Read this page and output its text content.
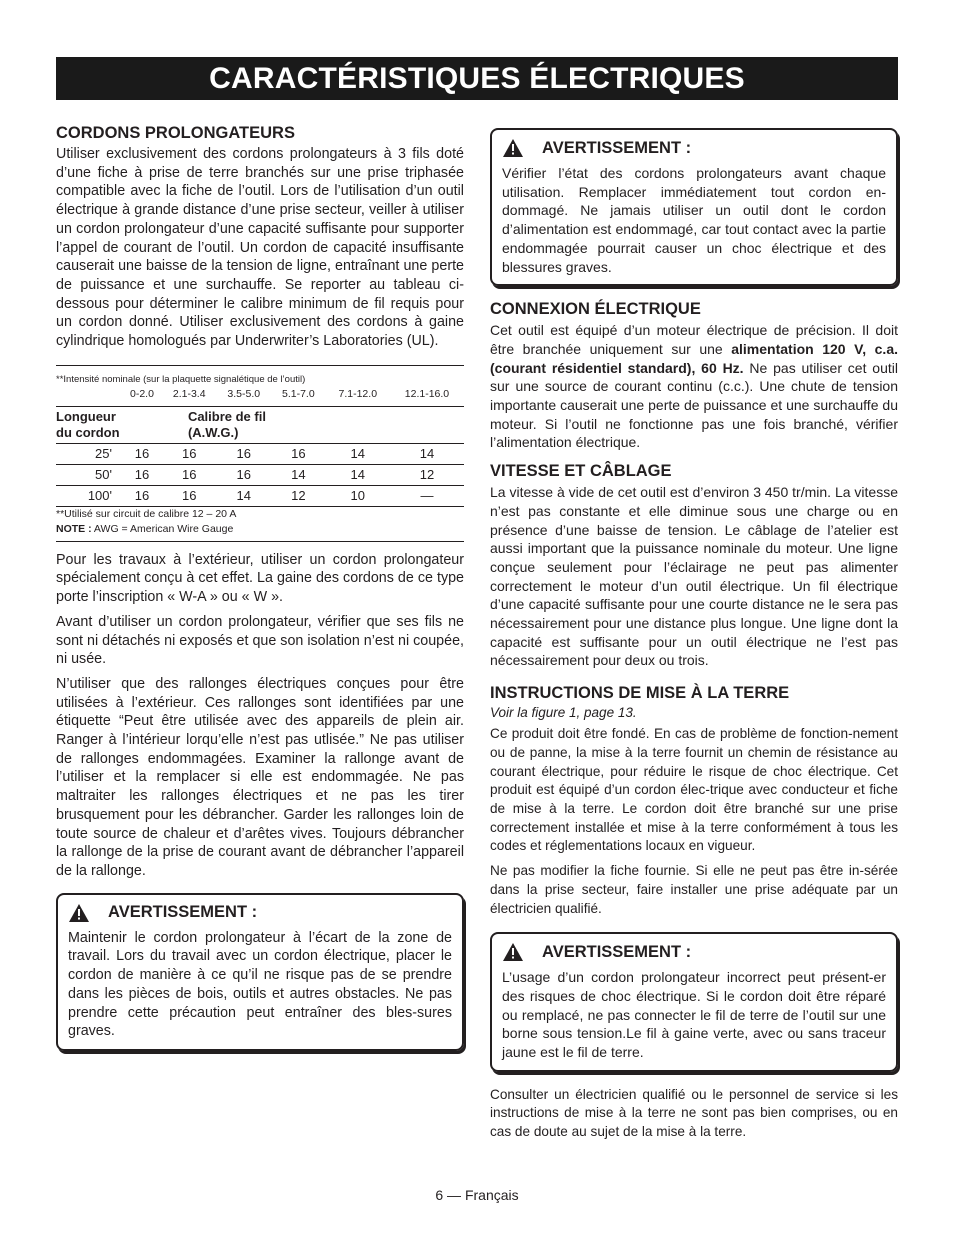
CARACTÉRISTIQUES ÉLECTRIQUES
CORDONS PROLONGATEURS

Utiliser exclusivement des cordons prolongateurs à 3 fils doté d’une fiche à prise de terre branchés sur une prise triphasée compatible avec la fiche de l’outil. Lors de l’utilisation d’un outil électrique à grande distance d’une prise secteur, veiller à utiliser un cordon prolongateur d’une capacité suffisante pour supporter l’appel de courant de l’outil. Un cordon de capacité insuffisante causerait une baisse de la tension de ligne, entraînant une perte de puissance et une surchauffe. Se reporter au tableau ci-dessous pour déterminer le calibre minimum de fil requis pour un cordon donné. Utiliser exclusivement des cordons à gaine cylindrique homologués par Underwriter’s Laboratories (UL).

**Intensité nominale (sur la plaquette signalétique de l’outil)						
	0-2.0	2.1-3.4	3.5-5.0	5.1-7.0	7.1-12.0	12.1-16.0
Longueur
du cordon		Calibre de fil
(A.W.G.)				
25'	16	16	16	16	14	14
50'	16	16	16	14	14	12
100'	16	16	14	12	10	—
**Utilisé sur circuit de calibre 12 – 20 A						
NOTE : AWG = American Wire Gauge						

Pour les travaux à l’extérieur, utiliser un cordon prolongateur spécialement conçu à cet effet. La gaine des cordons de ce type porte l’inscription « W-A » ou « W ».

Avant d’utiliser un cordon prolongateur, vérifier que ses fils ne sont ni détachés ni exposés et que son isolation n’est ni coupée, ni usée.

N’utiliser que des rallonges électriques conçues pour être utilisées à l’extérieur. Ces rallonges sont identifiées par une étiquette “Peut être utilisée avec des appareils de plein air. Ranger à l’intérieur lorqu’elle n’est pas utlisée.” Ne pas utiliser de rallonges endommagées. Examiner la rallonge avant de l’utiliser et la remplacer si elle est endommagée. Ne pas maltraiter les rallonges électriques et ne pas les tirer brusquement pour les débrancher. Garder les rallonges loin de toute source de chaleur et d’arêtes vives. Toujours débrancher la rallonge de la prise de courant avant de débrancher l’appareil de la rallonge.

AVERTISSEMENT :

Maintenir le cordon prolongateur à l’écart de la zone de travail. Lors du travail avec un cordon électrique, placer le cordon de manière à ce qu’il ne risque pas de se prendre dans les pièces de bois, outils et autres obstacles. Ne pas prendre cette précaution peut entraîner des bles-sures graves.

AVERTISSEMENT :

Vérifier l’état des cordons prolongateurs avant chaque utilisation. Remplacer immédiatement tout cordon en-dommagé. Ne jamais utiliser un outil dont le cordon d’alimentation est endommagé, car tout contact avec la partie endommagée pourrait causer un choc électrique et des blessures graves.

CONNEXION ÉLECTRIQUE

Cet outil est équipé d’un moteur électrique de précision. Il doit être branchée uniquement sur une alimentation 120 V, c.a. (courant résidentiel standard), 60 Hz. Ne pas utiliser cet outil sur une source de courant continu (c.c.). Une chute de tension importante causerait une perte de puissance et une surchauffe du moteur. Si l’outil ne fonctionne pas une fois branché, vérifier l’alimentation électrique.

VITESSE ET CÂBLAGE

La vitesse à vide de cet outil est d’environ 3 450 tr/min. La vitesse n’est pas constante et elle diminue sous une charge ou en présence d’une baisse de tension. Le câblage de l’atelier est aussi important que la puissance nominale du moteur. Une ligne conçue seulement pour l’éclairage ne peut pas alimenter correctement le moteur d’un outil électrique. Un fil électrique d’une capacité suffisante pour une courte distance ne le sera pas nécessairement pour une distance plus longue. Une ligne dont la capacité est suffisante pour un outil électrique ne l’est pas nécessairement pour deux ou trois.

INSTRUCTIONS DE MISE À LA TERRE
Voir la figure 1, page 13.

Ce produit doit être fondé. En cas de problème de fonction-nement ou de panne, la mise à la terre fournit un chemin de résistance au courant électrique, pour réduire le risque de choc électrique. Cet produit est équipé d’un cordon élec-trique avec conducteur et fiche de mise à la terre. Le cordon doit être branché sur une prise correctement installée et mise à la terre conformément à tous les codes et réglementations locaux en vigueur.

Ne pas modifier la fiche fournie. Si elle ne peut pas être in-sérée dans la prise secteur, faire installer une prise adéquate par un électricien qualifié.

AVERTISSEMENT :

L’usage d’un cordon prolongateur incorrect peut présent-er des risques de choc électrique. Si le cordon doit être réparé ou remplacé, ne pas connecter le fil de terre de l’outil sur une borne sous tension.Le fil à gaine verte, avec ou sans traceur jaune est le fil de terre.

Consulter un électricien qualifié ou le personnel de service si les instructions de mise à la terre ne sont pas bien comprises, ou en cas de doute au sujet de la mise à la terre.

6 — Français
